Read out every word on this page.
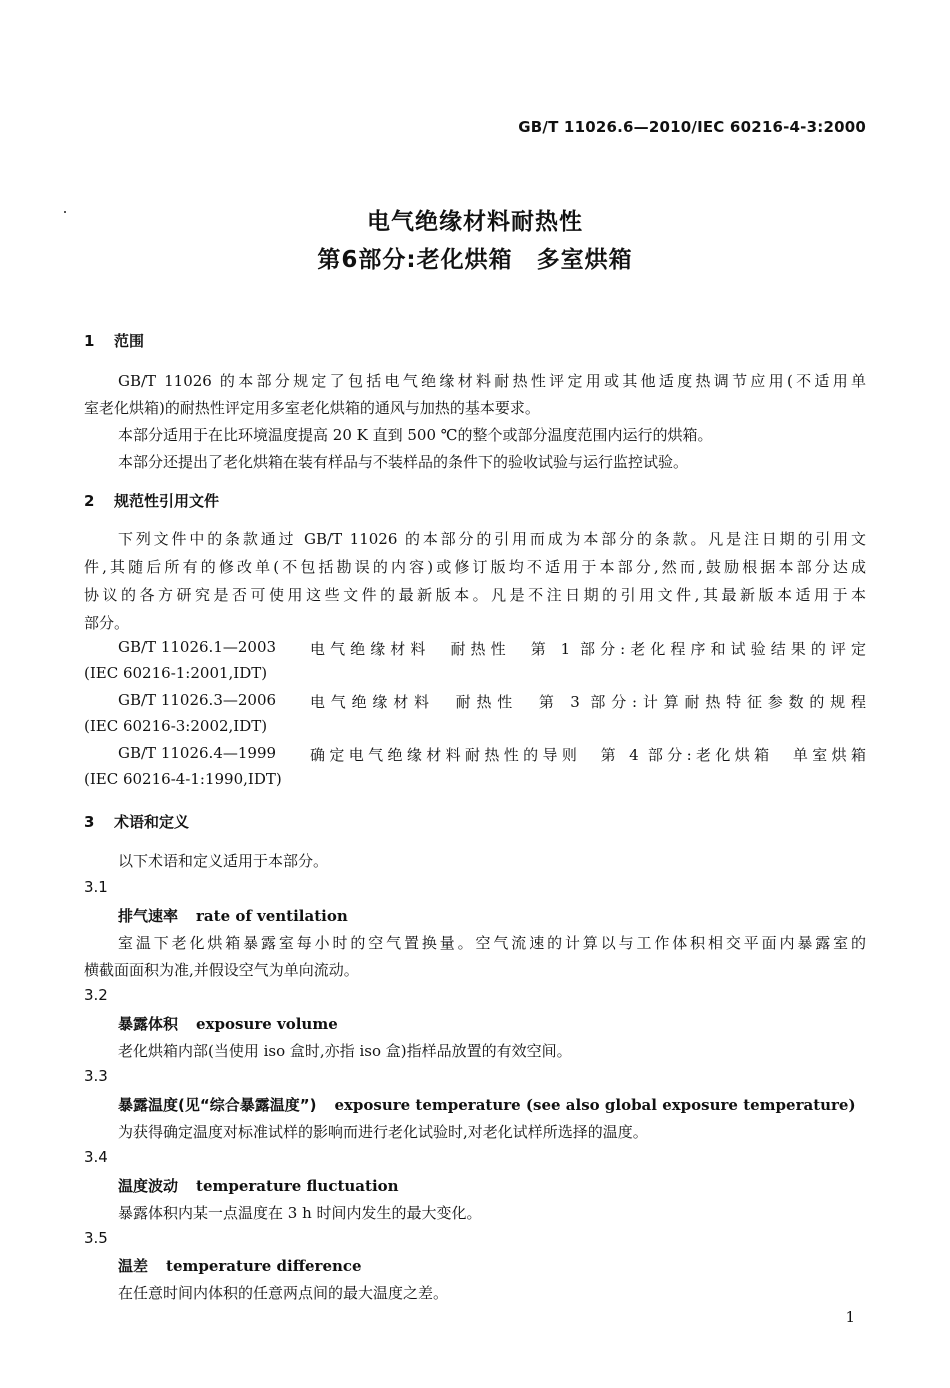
GB/T 11026.6—2010/IEC 60216-4-3:2000
电气绝缘材料耐热性
第6部分:老化烘箱　多室烘箱
1 范围
GB/T 11026 的本部分规定了包括电气绝缘材料耐热性评定用或其他适度热调节应用(不适用单
室老化烘箱)的耐热性评定用多室老化烘箱的通风与加热的基本要求。
本部分适用于在比环境温度提高 20 K 直到 500 ℃的整个或部分温度范围内运行的烘箱。
本部分还提出了老化烘箱在装有样品与不装样品的条件下的验收试验与运行监控试验。
2 规范性引用文件
下列文件中的条款通过 GB/T 11026 的本部分的引用而成为本部分的条款。凡是注日期的引用文
件,其随后所有的修改单(不包括勘误的内容)或修订版均不适用于本部分,然而,鼓励根据本部分达成
协议的各方研究是否可使用这些文件的最新版本。凡是不注日期的引用文件,其最新版本适用于本
部分。
GB/T 11026.1—2003 电气绝缘材料　耐热性　第 1 部分:老化程序和试验结果的评定
(IEC 60216-1:2001,IDT)
GB/T 11026.3—2006 电气绝缘材料　耐热性　第 3 部分:计算耐热特征参数的规程
(IEC 60216-3:2002,IDT)
GB/T 11026.4—1999 确定电气绝缘材料耐热性的导则　第 4 部分:老化烘箱　单室烘箱
(IEC 60216-4-1:1990,IDT)
3 术语和定义
以下术语和定义适用于本部分。
3.1
排气速率 rate of ventilation
室温下老化烘箱暴露室每小时的空气置换量。空气流速的计算以与工作体积相交平面内暴露室的
横截面面积为准,并假设空气为单向流动。
3.2
暴露体积 exposure volume
老化烘箱内部(当使用 iso 盒时,亦指 iso 盒)指样品放置的有效空间。
3.3
暴露温度(见“综合暴露温度”) exposure temperature (see also global exposure temperature)
为获得确定温度对标准试样的影响而进行老化试验时,对老化试样所选择的温度。
3.4
温度波动 temperature fluctuation
暴露体积内某一点温度在 3 h 时间内发生的最大变化。
3.5
温差 temperature difference
在任意时间内体积的任意两点间的最大温度之差。
1
